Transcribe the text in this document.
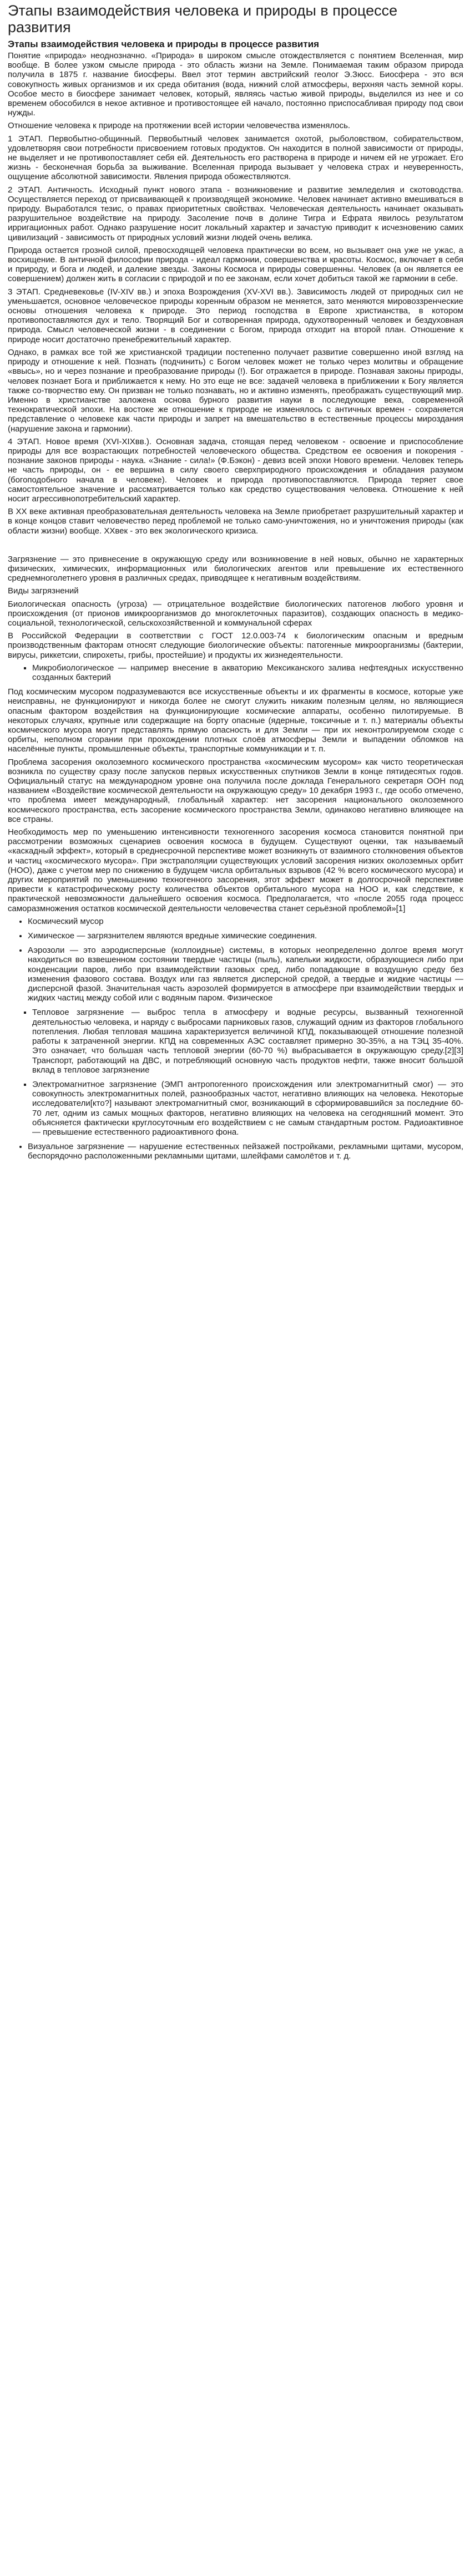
Этапы взаимодействия человека и природы в процессе развития
Этапы взаимодействия человека и природы в процессе развития

Понятие «природа» неоднозначно. «Природа» в широком смысле отождествляется с понятием Вселенная, мир вообще. В более узком смысле природа - это область жизни на Земле. Понимаемая таким образом природа получила в 1875 г. название биосферы. Ввел этот термин австрийский геолог Э.Зюсс. Биосфера - это вся совокупность живых организмов и их среда обитания (вода, нижний слой атмосферы, верхняя часть земной коры. Особое место в биосфере занимает человек, который, являясь частью живой природы, выделился из нее и со временем обособился в некое активное и противостоящее ей начало, постоянно приспосабливая природу под свои нужды.

Отношение человека к природе на протяжении всей истории человечества изменялось.

1 ЭТАП. Первобытно-общинный. Первобытный человек занимается охотой, рыболовством, собирательством, удовлетворяя свои потребности присвоением готовых продуктов. Он находится в полной зависимости от природы, не выделяет и не противопоставляет себя ей. Деятельность его растворена в природе и ничем ей не угрожает. Его жизнь - бесконечная борьба за выживание. Вселенная природа вызывает у человека страх и неуверенность, ощущение абсолютной зависимости. Явления природа обожествляются.

2 ЭТАП. Античность. Исходный пункт нового этапа - возникновение и развитие земледелия и скотоводства. Осуществляется переход от присваивающей к производящей экономике. Человек начинает активно вмешиваться в природу. Выработался тезис, о правах приоритетных свойствах. Человеческая деятельность начинает оказывать разрушительное воздействие на природу. Засоление почв в долине Тигра и Ефрата явилось результатом ирригационных работ. Однако разрушение носит локальный характер и зачастую приводит к исчезновению самих цивилизаций - зависимость от природных условий жизни людей очень велика.

Природа остается грозной силой, превосходящей человека практически во всем, но вызывает она уже не ужас, а восхищение. В античной философии природа - идеал гармонии, совершенства и красоты. Космос, включает в себя и природу, и бога и людей, и далекие звезды. Законы Космоса и природы совершенны. Человек (а он является ее совершением) должен жить в согласии с природой и по ее законам, если хочет добиться такой же гармонии в себе.

3 ЭТАП. Средневековье (ΙV-XΙV вв.) и эпоха Возрождения (XV-XVI вв.). Зависимость людей от природных сил не уменьшается, основное человеческое природы коренным образом не меняется, зато меняются мировоззренческие основы отношения человека к природе. Это период господства в Европе христианства, в котором противопоставляются дух и тело. Творящий Бог и сотворенная природа, одухотворенный человек и бездуховная природа. Смысл человеческой жизни - в соединении с Богом, природа отходит на второй план. Отношение к природе носит достаточно пренебрежительный характер.

Однако, в рамках все той же христианской традиции постепенно получает развитие совершенно иной взгляд на природу и отношение к ней. Познать (подчинить) с Богом человек может не только через молитвы и обращение «ввысь», но и через познание и преобразование природы (!). Бог отражается в природе. Познавая законы природы, человек познает Бога и приближается к нему. Но это еще не все: задачей человека в приближении к Богу является также со-творчество ему. Он призван не только познавать, но и активно изменять, преображать существующий мир. Именно в христианстве заложена основа бурного развития науки в последующие века, современной технократической эпохи. На востоке же отношение к природе не изменялось с античных времен - сохраняется представление о человеке как части природы и запрет на вмешательство в естественные процессы мироздания (нарушение закона и гармонии).

4 ЭТАП. Новое время (XVI-XIXвв.). Основная задача, стоящая перед человеком - освоение и приспособление природы для все возрастающих потребностей человеческого общества. Средством ее освоения и покорения - познание законов природы - наука. «Знание - сила!» (Ф.Бэкон) - девиз всей эпохи Нового времени. Человек теперь не часть природы, он - ее вершина в силу своего сверхприродного происхождения и обладания разумом (богоподобного начала в человеке). Человек и природа противопоставляются. Природа теряет свое самостоятельное значение и рассматривается только как средство существования человека. Отношение к ней носит агрессивнопотребительский характер.

В XX веке активная преобразовательная деятельность человека на Земле приобретает разрушительный характер и в конце концов ставит человечество перед проблемой не только само-уничтожения, но и уничтожения природы (как области жизни) вообще. XXвек - это век экологического кризиса.

Загрязнение — это привнесение в окружающую среду или возникновение в ней новых, обычно не характерных физических, химических, информационных или биологических агентов или превышение их естественного среднемноголетнего уровня в различных средах, приводящее к негативным воздействиям.

Виды загрязнений

Биологическая опасность (угроза) — отрицательное воздействие биологических патогенов любого уровня и происхождения (от прионов имикроорганизмов до многоклеточных паразитов), создающих опасность в медико-социальной, технологической, сельскохозяйственной и коммунальной сферах

В Российской Федерации в соответствии с ГОСТ 12.0.003-74 к биологическим опасным и вредным производственным факторам относят следующие биологические объекты: патогенные микроорганизмы (бактерии, вирусы, риккетсии, спирохеты, грибы, простейшие) и продукты их жизнедеятельности.

▪ Микробиологическое — например внесение в акваторию Мексиканского залива нефтеядных искусственно созданных бактерий

Под космическим мусором подразумеваются все искусственные объекты и их фрагменты в космосе, которые уже неисправны, не функционируют и никогда более не смогут служить никаким полезным целям, но являющиеся опасным фактором воздействия на функционирующие космические аппараты, особенно пилотируемые. В некоторых случаях, крупные или содержащие на борту опасные (ядерные, токсичные и т. п.) материалы объекты космического мусора могут представлять прямую опасность и для Земли — при их неконтролируемом сходе с орбиты, неполном сгорании при прохождении плотных слоёв атмосферы Земли и выпадении обломков на населённые пункты, промышленные объекты, транспортные коммуникации и т. п.

Проблема засорения околоземного космического пространства «космическим мусором» как чисто теоретическая возникла по существу сразу после запусков первых искусственных спутников Земли в конце пятидесятых годов. Официальный статус на международном уровне она получила после доклада Генерального секретаря ООН под названием «Воздействие космической деятельности на окружающую среду» 10 декабря 1993 г., где особо отмечено, что проблема имеет международный, глобальный характер: нет засорения национального околоземного космического пространства, есть засорение космического пространства Земли, одинаково негативно влияющее на все страны.

Необходимость мер по уменьшению интенсивности техногенного засорения космоса становится понятной при рассмотрении возможных сценариев освоения космоса в будущем. Существуют оценки, так называемый «каскадный эффект», который в среднесрочной перспективе может возникнуть от взаимного столкновения объектов и частиц «космического мусора». При экстраполяции существующих условий засорения низких околоземных орбит (НОО), даже с учетом мер по снижению в будущем числа орбитальных взрывов (42 % всего космического мусора) и других мероприятий по уменьшению техногенного засорения, этот эффект может в долгосрочной перспективе привести к катастрофическому росту количества объектов орбитального мусора на НОО и, как следствие, к практической невозможности дальнейшего освоения космоса. Предполагается, что «после 2055 года процесс саморазмножения остатков космической деятельности человечества станет серьёзной проблемой»[1]

• Космический мусор
• Химическое — загрязнителем являются вредные химические соединения.
• Аэрозоли — это аэродисперсные (коллоидные) системы, в которых неопределенно долгое время могут находиться во взвешенном состоянии твердые частицы (пыль), капельки жидкости, образующиеся либо при конденсации паров, либо при взаимодействии газовых сред, либо попадающие в воздушную среду без изменения фазового состава. Воздух или газ является дисперсной средой, а твердые и жидкие частицы — дисперсной фазой. Значительная часть аэрозолей формируется в атмосфере при взаимодействии твердых и жидких частиц между собой или с водяным паром. Физическое
▪ Тепловое загрязнение — выброс тепла в атмосферу и водные ресурсы, вызванный техногенной деятельностью человека, и наряду с выбросами парниковых газов, служащий одним из факторов глобального потепления. Любая тепловая машина характеризуется величиной КПД, показывающей отношение полезной работы к затраченной энергии. КПД на современных АЭС составляет примерно 30-35%, а на ТЭЦ 35-40%. Это означает, что большая часть тепловой энергии (60-70 %) выбрасывается в окружающую среду.[2][3] Транспорт, работающий на ДВС, и потребляющий основную часть продуктов нефти, также вносит большой вклад в тепловое загрязнение
▪ Электромагнитное загрязнение (ЭМП антропогенного происхождения или электромагнитный смог) — это совокупность электромагнитных полей, разнообразных частот, негативно влияющих на человека. Некоторые исследователи[кто?] называют электромагнитный смог, возникающий в сформировавшийся за последние 60-70 лет, одним из самых мощных факторов, негативно влияющих на человека на сегодняшний момент. Это объясняется фактически круглосуточным его воздействием с не самым стандартным ростом. Радиоактивное — превышение естественного радиоактивного фона.
• Визуальное загрязнение — нарушение естественных пейзажей постройками, рекламными щитами, мусором, беспорядочно расположенными рекламными щитами, шлейфами самолётов и т. д.
